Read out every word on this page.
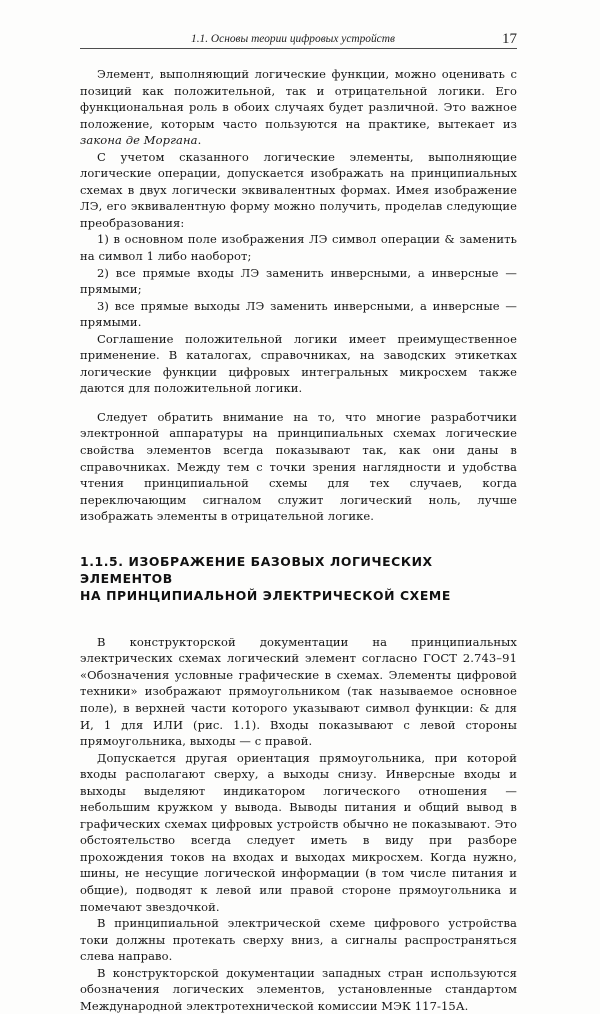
1.1. Основы теории цифровых устройств	17

Элемент, выполняющий логические функции, можно оценивать с позиций как положительной, так и отрицательной логики. Его функциональная роль в обоих случаях будет различной. Это важное положение, которым часто пользуются на практике, вытекает из закона де Моргана.

С учетом сказанного логические элементы, выполняющие логические операции, допускается изображать на принципиальных схемах в двух логически эквивалентных формах. Имея изображение ЛЭ, его эквивалентную форму можно получить, проделав следующие преобразования:

1) в основном поле изображения ЛЭ символ операции & заменить на символ 1 либо наоборот;

2) все прямые входы ЛЭ заменить инверсными, а инверсные — прямыми;

3) все прямые выходы ЛЭ заменить инверсными, а инверсные — прямыми.

Соглашение положительной логики имеет преимущественное применение. В каталогах, справочниках, на заводских этикетках логические функции цифровых интегральных микросхем также даются для положительной логики.

Следует обратить внимание на то, что многие разработчики электронной аппаратуры на принципиальных схемах логические свойства элементов всегда показывают так, как они даны в справочниках. Между тем с точки зрения наглядности и удобства чтения принципиальной схемы для тех случаев, когда переключающим сигналом служит логический ноль, лучше изображать элементы в отрицательной логике.

1.1.5. ИЗОБРАЖЕНИЕ БАЗОВЫХ ЛОГИЧЕСКИХ ЭЛЕМЕНТОВ
НА ПРИНЦИПИАЛЬНОЙ ЭЛЕКТРИЧЕСКОЙ СХЕМЕ

В конструкторской документации на принципиальных электрических схемах логический элемент согласно ГОСТ 2.743–91 «Обозначения условные графические в схемах. Элементы цифровой техники» изображают прямоугольником (так называемое основное поле), в верхней части которого указывают символ функции: & для И, 1 для ИЛИ (рис. 1.1). Входы показывают с левой стороны прямоугольника, выходы — с правой.

Допускается другая ориентация прямоугольника, при которой входы располагают сверху, а выходы снизу. Инверсные входы и выходы выделяют индикатором логического отношения — небольшим кружком у вывода. Выводы питания и общий вывод в графических схемах цифровых устройств обычно не показывают. Это обстоятельство всегда следует иметь в виду при разборе прохождения токов на входах и выходах микросхем. Когда нужно, шины, не несущие логической информации (в том числе питания и общие), подводят к левой или правой стороне прямоугольника и помечают звездочкой.

В принципиальной электрической схеме цифрового устройства токи должны протекать сверху вниз, а сигналы распространяться слева направо.

В конструкторской документации западных стран используются обозначения логических элементов, установленные стандартом Международной электротехнической комиссии МЭК 117-15А.
